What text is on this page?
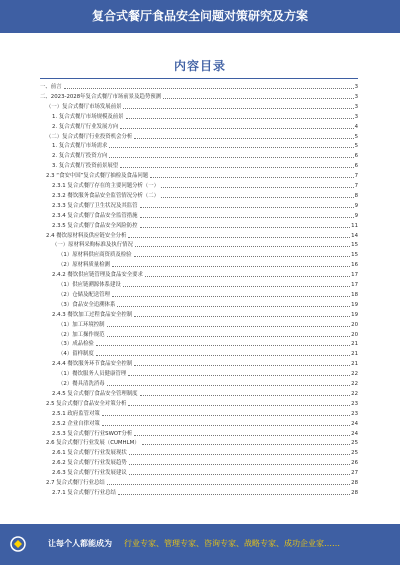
复合式餐厅食品安全问题对策研究及方案
内容目录
一、前言	3
二、2023-2028年复合式餐厅市场前景及趋势预测	3
（一）复合式餐厅市场发展前景	3
1. 复合式餐厅市场规模及前景	3
2. 复合式餐厅行业发展方向	4
（二）复合式餐厅行业投资机会分析	5
1. 复合式餐厅市场需求	5
2. 复合式餐厅投资方向	6
3. 复合式餐厅投资前景展望	6
2.3 “食安中国”复合式餐厅抽检及食品问题	7
2.3.1 复合式餐厅存在的主要问题分析（一）	7
2.3.2 餐饮服务食品安全监管情况分析（二）	8
2.3.3 复合式餐厅卫生状况及其监管	9
2.3.4 复合式餐厅食品安全监管措施	9
2.3.5 复合式餐厅食品安全风险防控	11
2.4 餐饮原材料及供应链安全分析	14
（一）原材料采购标准及执行情况	15
（1）原材料供应商资质及检验	15
（2）原材料质量检测	16
2.4.2 餐饮供应链管理及食品安全要求	17
（1）供应链溯源体系建设	17
（2）仓储及配送管理	18
（3）食品安全追溯体系	19
2.4.3 餐饮加工过程食品安全控制	19
（1）加工环境控制	20
（2）加工操作规范	20
（3）成品检验	21
（4）留样制度	21
2.4.4 餐饮服务环节食品安全控制	21
（1）餐饮服务人员健康管理	22
（2）餐具清洗消毒	22
2.4.5 复合式餐厅食品安全管理制度	22
2.5 复合式餐厅食品安全对策分析	23
2.5.1 政府监管对策	23
2.5.2 企业自律对策	24
2.5.3 复合式餐厅行业SWOT分析	24
2.6 复合式餐厅行业发展（CUMHLM）	25
2.6.1 复合式餐厅行业发展现状	25
2.6.2 复合式餐厅行业发展趋势	26
2.6.3 复合式餐厅行业发展建议	27
2.7 复合式餐厅行业总结	28
2.7.1 复合式餐厅行业总结	28
让每个人都能成为 行业专家、管理专家、咨询专家、战略专家、成功企业家……
